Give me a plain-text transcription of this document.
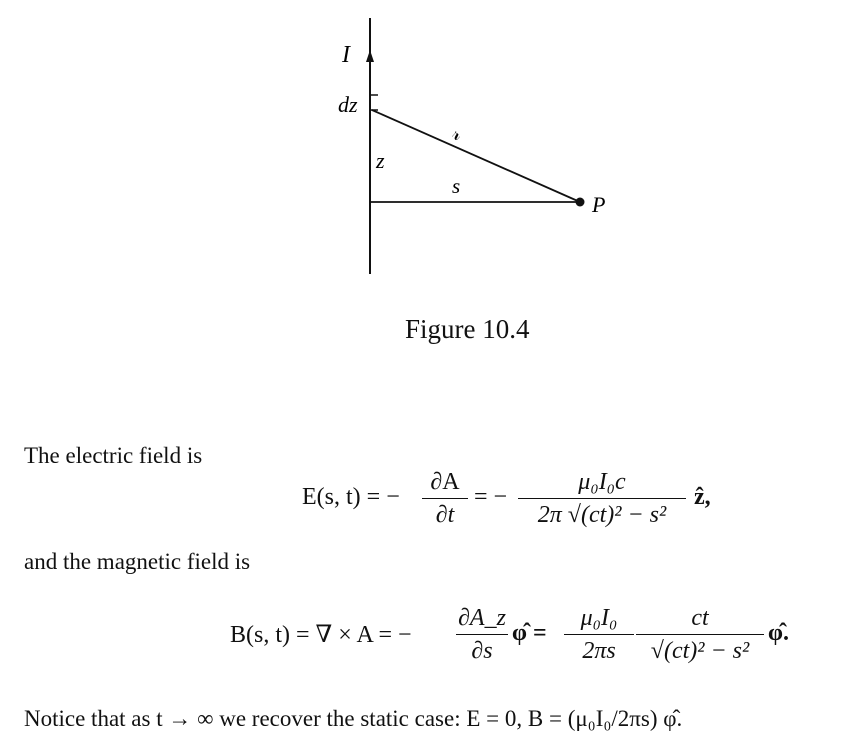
I
dz
𝓇
z
s
P
Figure 10.4
The electric field is
E(s, t) = −
∂A
∂t
= −
μ₀I₀c
2π √(ct)² − s²
ẑ,
and the magnetic field is
B(s, t) = ∇ × A = −
∂A_z
∂s
φ̂ =
μ₀I₀
2πs
ct
√(ct)² − s²
φ̂.
Notice that as t → ∞ we recover the static case: E = 0, B = (μ₀I₀/2πs) φ̂.
